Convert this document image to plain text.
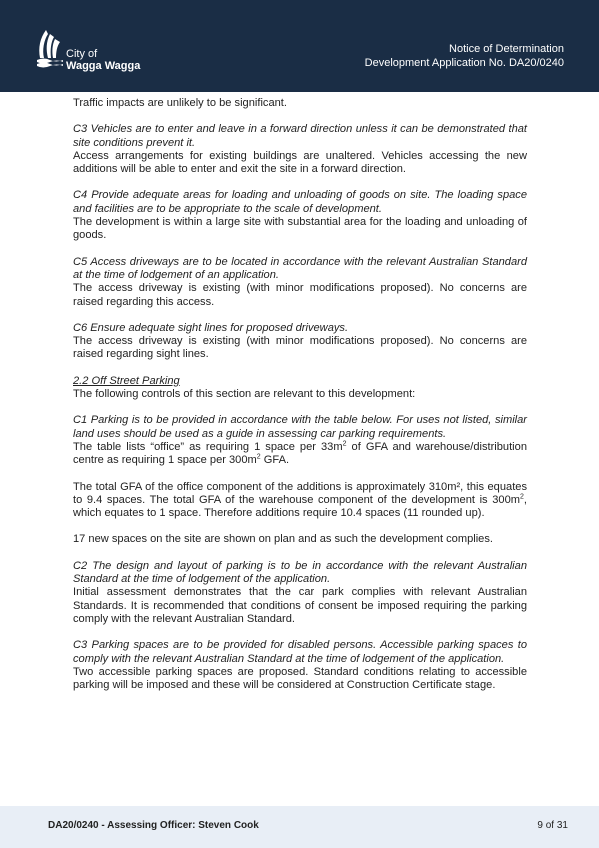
City of
Wagga Wagga
Notice of Determination
Development Application No. DA20/0240

Traffic impacts are unlikely to be significant.

C3 Vehicles are to enter and leave in a forward direction unless it can be demonstrated that site conditions prevent it.

Access arrangements for existing buildings are unaltered. Vehicles accessing the new additions will be able to enter and exit the site in a forward direction.

C4 Provide adequate areas for loading and unloading of goods on site. The loading space and facilities are to be appropriate to the scale of development.

The development is within a large site with substantial area for the loading and unloading of goods.

C5 Access driveways are to be located in accordance with the relevant Australian Standard at the time of lodgement of an application.

The access driveway is existing (with minor modifications proposed). No concerns are raised regarding this access.

C6 Ensure adequate sight lines for proposed driveways.

The access driveway is existing (with minor modifications proposed). No concerns are raised regarding sight lines.

2.2 Off Street Parking

The following controls of this section are relevant to this development:

C1 Parking is to be provided in accordance with the table below. For uses not listed, similar land uses should be used as a guide in assessing car parking requirements.

The table lists “office” as requiring 1 space per $33m^2$ of GFA and warehouse/distribution centre as requiring 1 space per $300m^2$ GFA.

The total GFA of the office component of the additions is approximately 310m², this equates to 9.4 spaces. The total GFA of the warehouse component of the development is $300m^2$, which equates to 1 space. Therefore additions require 10.4 spaces (11 rounded up).

17 new spaces on the site are shown on plan and as such the development complies.

C2 The design and layout of parking is to be in accordance with the relevant Australian Standard at the time of lodgement of the application.

Initial assessment demonstrates that the car park complies with relevant Australian Standards. It is recommended that conditions of consent be imposed requiring the parking comply with the relevant Australian Standard.

C3 Parking spaces are to be provided for disabled persons. Accessible parking spaces to comply with the relevant Australian Standard at the time of lodgement of the application.

Two accessible parking spaces are proposed. Standard conditions relating to accessible parking will be imposed and these will be considered at Construction Certificate stage.

DA20/0240 - Assessing Officer: Steven Cook	9 of 31
